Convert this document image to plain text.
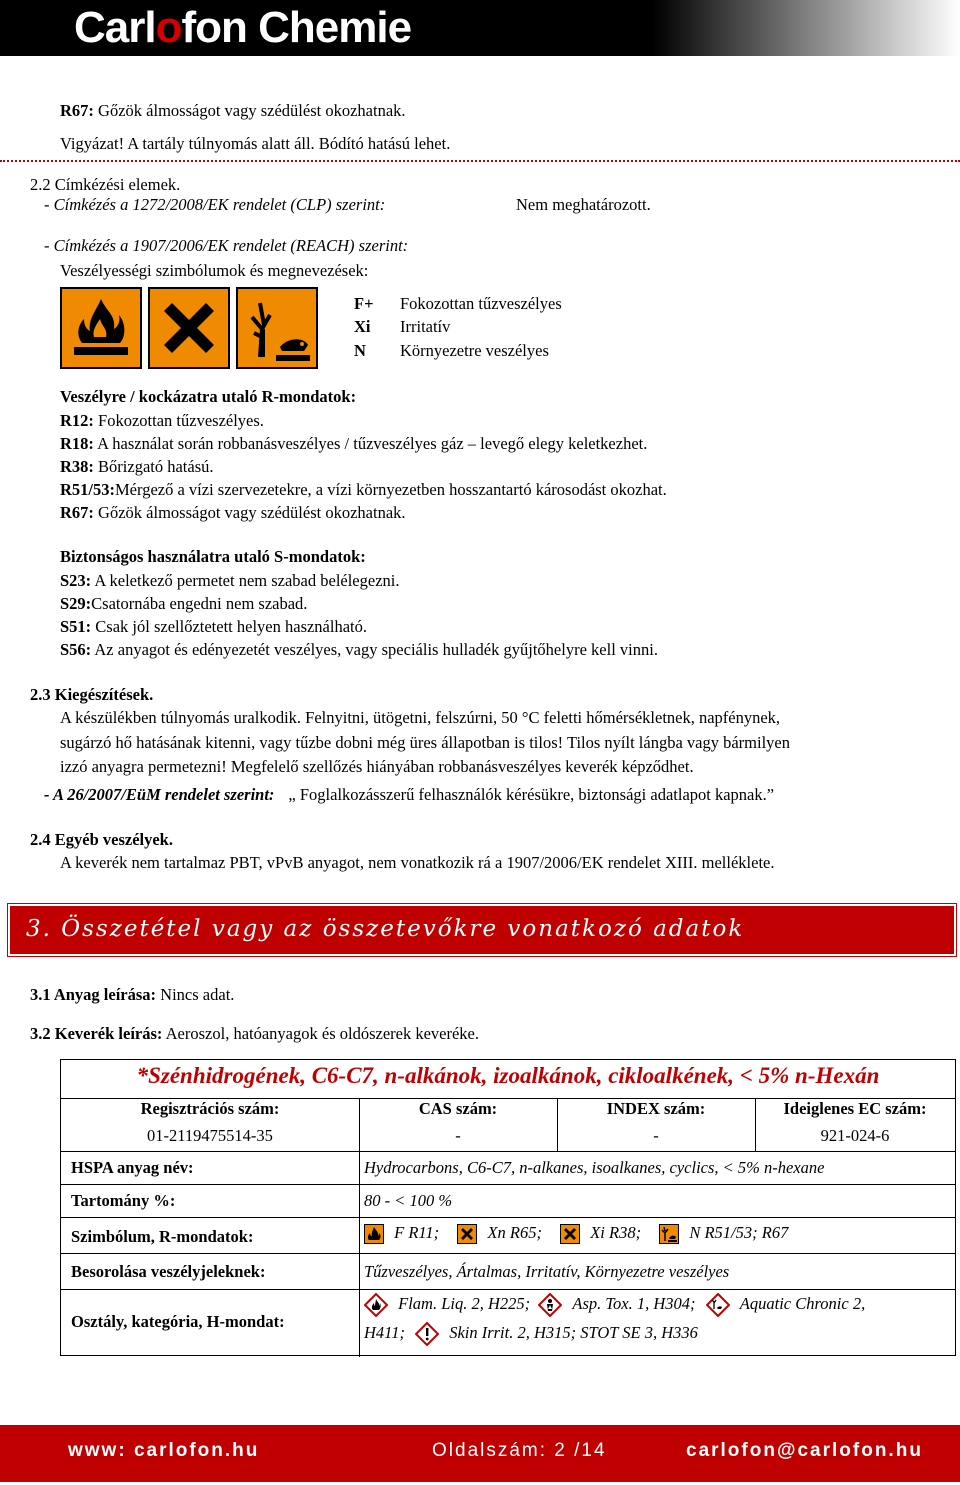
Carlofon Chemie
R67: Gőzök álmosságot vagy szédülést okozhatnak.
Vigyázat! A tartály túlnyomás alatt áll. Bódító hatású lehet.
2.2 Címkézési elemek.
- Címkézés a 1272/2008/EK rendelet (CLP) szerint:	Nem meghatározott.
- Címkézés a 1907/2006/EK rendelet (REACH) szerint:
Veszélyességi szimbólumok és megnevezések:
F+ Fokozottan tűzveszélyes
Xi Irritatív
N Környezetre veszélyes
Veszélyre / kockázatra utaló R-mondatok:
R12: Fokozottan tűzveszélyes.
R18: A használat során robbanásveszélyes / tűzveszélyes gáz – levegő elegy keletkezhet.
R38: Bőrizgató hatású.
R51/53:Mérgező a vízi szervezetekre, a vízi környezetben hosszantartó károsodást okozhat.
R67: Gőzök álmosságot vagy szédülést okozhatnak.
Biztonságos használatra utaló S-mondatok:
S23: A keletkező permetet nem szabad belélegezni.
S29:Csatornába engedni nem szabad.
S51: Csak jól szellőztetett helyen használható.
S56: Az anyagot és edényezetét veszélyes, vagy speciális hulladék gyűjtőhelyre kell vinni.
2.3 Kiegészítések.
A készülékben túlnyomás uralkodik. Felnyitni, ütögetni, felszúrni, 50 °C feletti hőmérsékletnek, napfénynek,
sugárzó hő hatásának kitenni, vagy tűzbe dobni még üres állapotban is tilos! Tilos nyílt lángba vagy bármilyen
izzó anyagra permetezni! Megfelelő szellőzés hiányában robbanásveszélyes keverék képződhet.
- A 26/2007/EüM rendelet szerint: „ Foglalkozásszerű felhasználók kérésükre, biztonsági adatlapot kapnak.”
2.4 Egyéb veszélyek.
A keverék nem tartalmaz PBT, vPvB anyagot, nem vonatkozik rá a 1907/2006/EK rendelet XIII. melléklete.
3. Összetétel vagy az összetevőkre vonatkozó adatok
3.1 Anyag leírása: Nincs adat.
3.2 Keverék leírás: Aeroszol, hatóanyagok és oldószerek keveréke.
*Szénhidrogének, C6-C7, n-alkánok, izoalkánok, cikloalkének, < 5% n-Hexán
Regisztrációs szám:
01-2119475514-35
CAS szám:
-
INDEX szám:
-
Ideiglenes EC szám:
921-024-6
HSPA anyag név:	Hydrocarbons, C6-C7, n-alkanes, isoalkanes, cyclics, < 5% n-hexane
Tartomány %:	80 - < 100 %
Szimbólum, R-mondatok:	F R11;	Xn R65;	Xi R38;	N R51/53; R67
Besorolása veszélyjeleknek:	Tűzveszélyes, Ártalmas, Irritatív, Környezetre veszélyes
Osztály, kategória, H-mondat:
Flam. Liq. 2, H225;	Asp. Tox. 1, H304;	Aquatic Chronic 2,
H411;	Skin Irrit. 2, H315; STOT SE 3, H336
www: carlofon.hu	Oldalszám: 2 /14	carlofon@carlofon.hu
